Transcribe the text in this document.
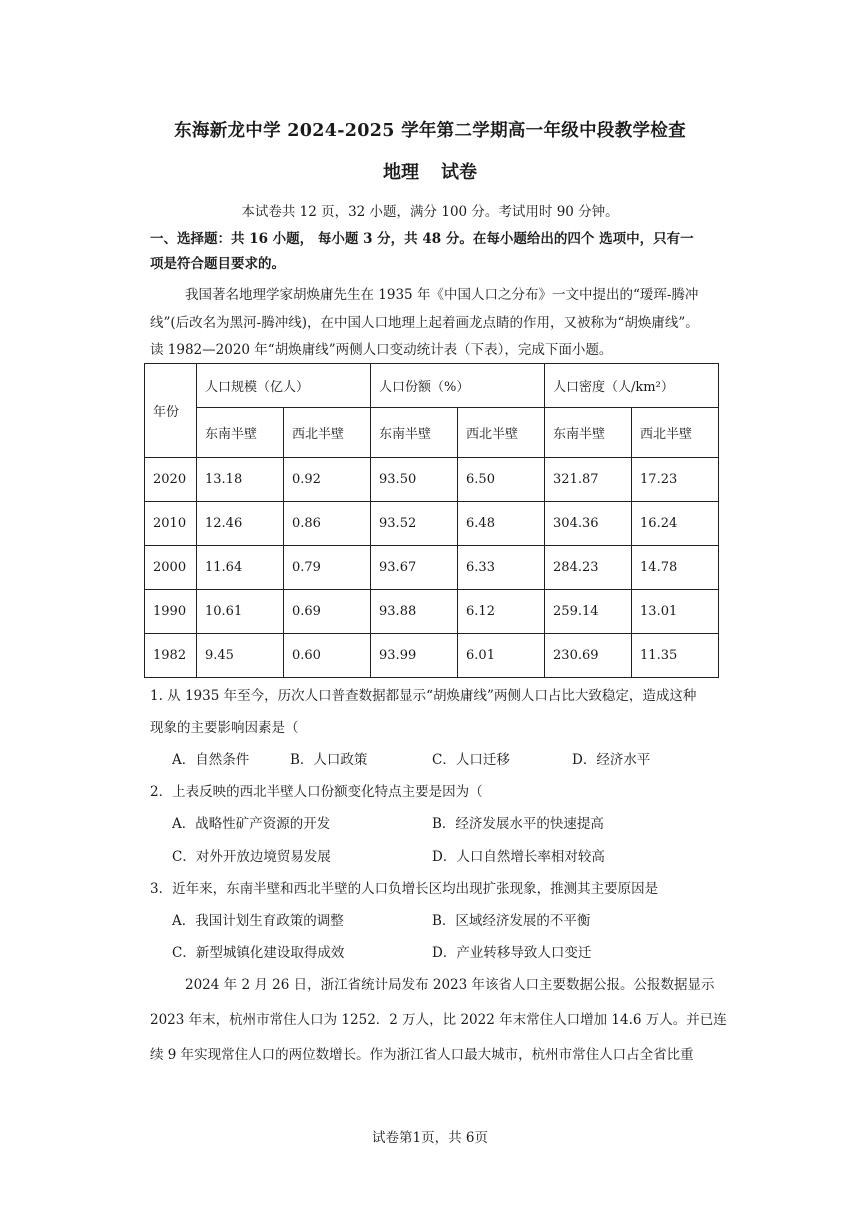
东海新龙中学 2024-2025 学年第二学期高一年级中段教学检查
地理 试卷
本试卷共 12 页，32 小题，满分 100 分。考试用时 90 分钟。
一、选择题：共 16 小题， 每小题 3 分，共 48 分。在每小题给出的四个 选项中，只有一
项是符合题目要求的。
我国著名地理学家胡焕庸先生在 1935 年《中国人口之分布》一文中提出的“瑷珲-腾冲
线”(后改名为黑河-腾冲线)，在中国人口地理上起着画龙点睛的作用，又被称为“胡焕庸线”。
读 1982—2020 年“胡焕庸线”两侧人口变动统计表（下表），完成下面小题。
年份	人口规模（亿人）		人口份额（%）		人口密度（人/km²）	
	东南半壁	西北半壁	东南半壁	西北半壁	东南半壁	西北半壁
2020	13.18	0.92	93.50	6.50	321.87	17.23
2010	12.46	0.86	93.52	6.48	304.36	16.24
2000	11.64	0.79	93.67	6.33	284.23	14.78
1990	10.61	0.69	93.88	6.12	259.14	13.01
1982	9.45	0.60	93.99	6.01	230.69	11.35
1. 从 1935 年至今，历次人口普查数据都显示“胡焕庸线”两侧人口占比大致稳定，造成这种
现象的主要影响因素是（
A．自然条件	B．人口政策	C．人口迁移	D．经济水平
2．上表反映的西北半壁人口份额变化特点主要是因为（
A．战略性矿产资源的开发	B．经济发展水平的快速提高
C．对外开放边境贸易发展	D．人口自然增长率相对较高
3．近年来，东南半壁和西北半壁的人口负增长区均出现扩张现象，推测其主要原因是
A．我国计划生育政策的调整	B．区域经济发展的不平衡
C．新型城镇化建设取得成效	D．产业转移导致人口变迁
2024 年 2 月 26 日，浙江省统计局发布 2023 年该省人口主要数据公报。公报数据显示
2023 年末，杭州市常住人口为 1252．2 万人，比 2022 年末常住人口增加 14.6 万人。并已连
续 9 年实现常住人口的两位数增长。作为浙江省人口最大城市，杭州市常住人口占全省比重
试卷第1页，共 6页
